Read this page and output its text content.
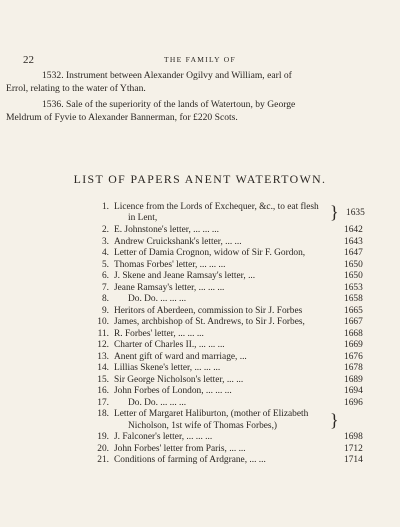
22	THE FAMILY OF
1532. Instrument between Alexander Ogilvy and William, earl of
Errol, relating to the water of Ythan.
1536. Sale of the superiority of the lands of Watertoun, by George
Meldrum of Fyvie to Alexander Bannerman, for £220 Scots.
LIST OF PAPERS ANENT WATERTOWN.
1. Licence from the Lords of Exchequer, &c., to eat flesh
in Lent,	1635
}
2. E. Johnstone's letter, ... ... ...	1642
3. Andrew Cruickshank's letter, ... ...	1643
4. Letter of Damia Crognon, widow of Sir F. Gordon,	1647
5. Thomas Forbes' letter, ... ... ...	1650
6. J. Skene and Jeane Ramsay's letter, ...	1650
7. Jeane Ramsay's letter, ... ... ...	1653
8. Do. Do. ... ... ...	1658
9. Heritors of Aberdeen, commission to Sir J. Forbes	1665
10. James, archbishop of St. Andrews, to Sir J. Forbes,	1667
11. R. Forbes' letter, ... ... ...	1668
12. Charter of Charles II., ... ... ...	1669
13. Anent gift of ward and marriage, ...	1676
14. Lillias Skene's letter, ... ... ...	1678
15. Sir George Nicholson's letter, ... ...	1689
16. John Forbes of London, ... ... ...	1694
17. Do. Do. ... ... ...	1696
18. Letter of Margaret Haliburton, (mother of Elizabeth
Nicholson, 1st wife of Thomas Forbes,)	}
19. J. Falconer's letter, ... ... ...	1698
20. John Forbes' letter from Paris, ... ...	1712
21. Conditions of farming of Ardgrane, ... ...	1714
